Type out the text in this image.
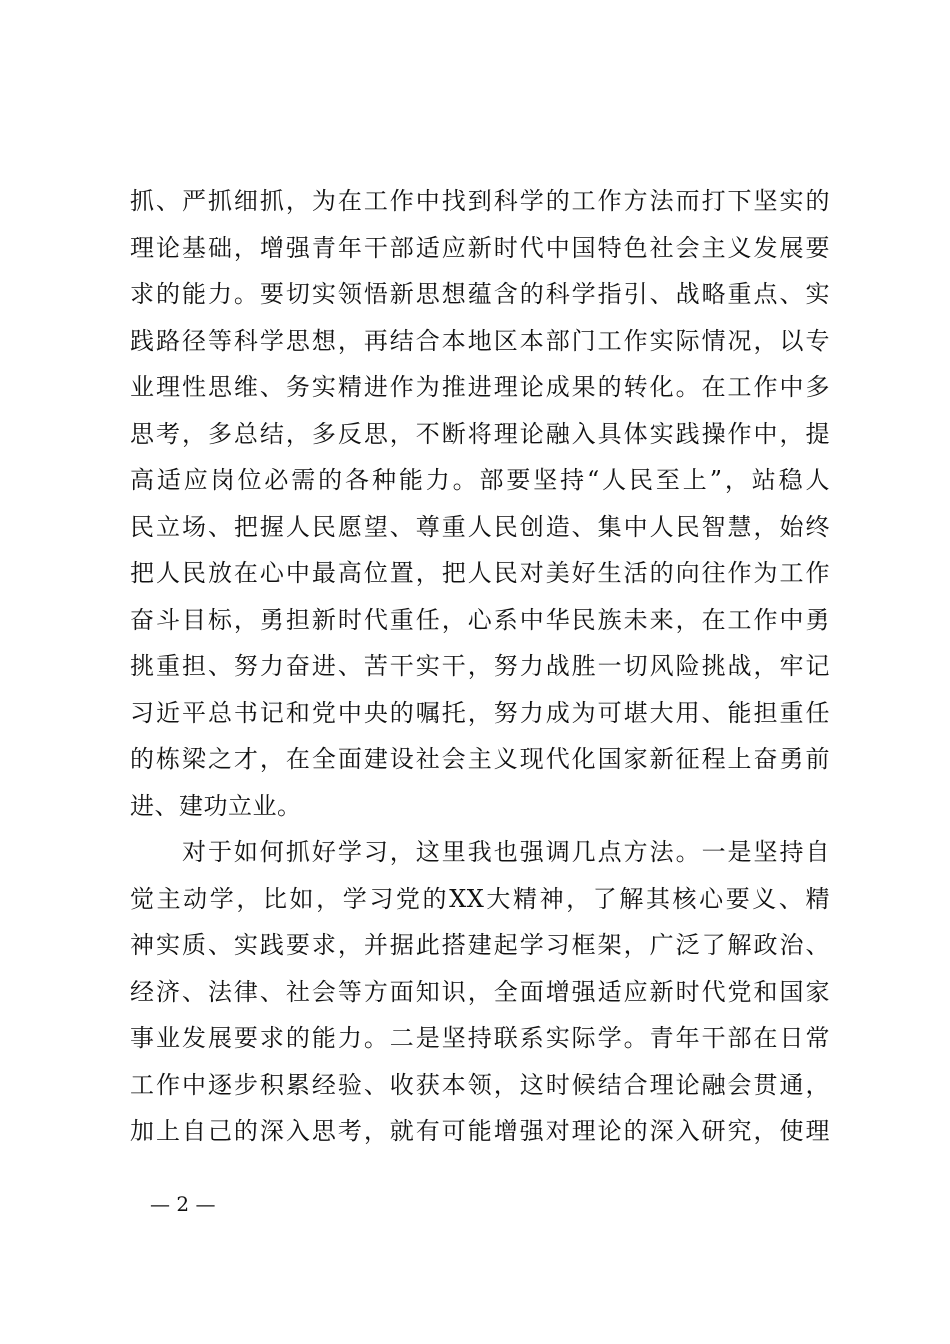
抓、严抓细抓，为在工作中找到科学的工作方法而打下坚实的
理论基础，增强青年干部适应新时代中国特色社会主义发展要
求的能力。要切实领悟新思想蕴含的科学指引、战略重点、实
践路径等科学思想，再结合本地区本部门工作实际情况，以专
业理性思维、务实精进作为推进理论成果的转化。在工作中多
思考，多总结，多反思，不断将理论融入具体实践操作中，提
高适应岗位必需的各种能力。部要坚持“人民至上”，站稳人
民立场、把握人民愿望、尊重人民创造、集中人民智慧，始终
把人民放在心中最高位置，把人民对美好生活的向往作为工作
奋斗目标，勇担新时代重任，心系中华民族未来，在工作中勇
挑重担、努力奋进、苦干实干，努力战胜一切风险挑战，牢记
习近平总书记和党中央的嘱托，努力成为可堪大用、能担重任
的栋梁之才，在全面建设社会主义现代化国家新征程上奋勇前
进、建功立业。
　　对于如何抓好学习，这里我也强调几点方法。一是坚持自
觉主动学，比如，学习党的XX大精神，了解其核心要义、精
神实质、实践要求，并据此搭建起学习框架，广泛了解政治、
经济、法律、社会等方面知识，全面增强适应新时代党和国家
事业发展要求的能力。二是坚持联系实际学。青年干部在日常
工作中逐步积累经验、收获本领，这时候结合理论融会贯通，
加上自己的深入思考，就有可能增强对理论的深入研究，使理
— 2 —
